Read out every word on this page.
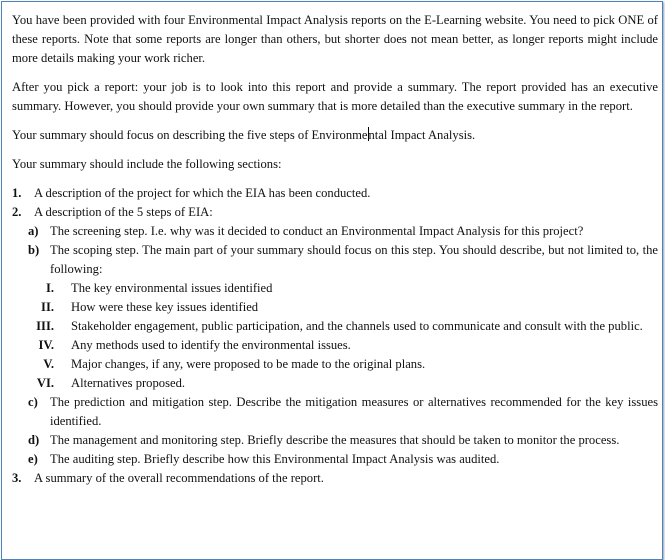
You have been provided with four Environmental Impact Analysis reports on the E-Learning website. You need to pick ONE of these reports. Note that some reports are longer than others, but shorter does not mean better, as longer reports might include more details making your work richer.

After you pick a report: your job is to look into this report and provide a summary. The report provided has an executive summary. However, you should provide your own summary that is more detailed than the executive summary in the report.

Your summary should focus on describing the five steps of Environmental Impact Analysis.

Your summary should include the following sections:

1. A description of the project for which the EIA has been conducted.
2. A description of the 5 steps of EIA:
a) The screening step. I.e. why was it decided to conduct an Environmental Impact Analysis for this project?
b) The scoping step. The main part of your summary should focus on this step. You should describe, but not limited to, the following:
I. The key environmental issues identified
II. How were these key issues identified
III. Stakeholder engagement, public participation, and the channels used to communicate and consult with the public.
IV. Any methods used to identify the environmental issues.
V. Major changes, if any, were proposed to be made to the original plans.
VI. Alternatives proposed.
c) The prediction and mitigation step. Describe the mitigation measures or alternatives recommended for the key issues identified.
d) The management and monitoring step. Briefly describe the measures that should be taken to monitor the process.
e) The auditing step. Briefly describe how this Environmental Impact Analysis was audited.
3. A summary of the overall recommendations of the report.
